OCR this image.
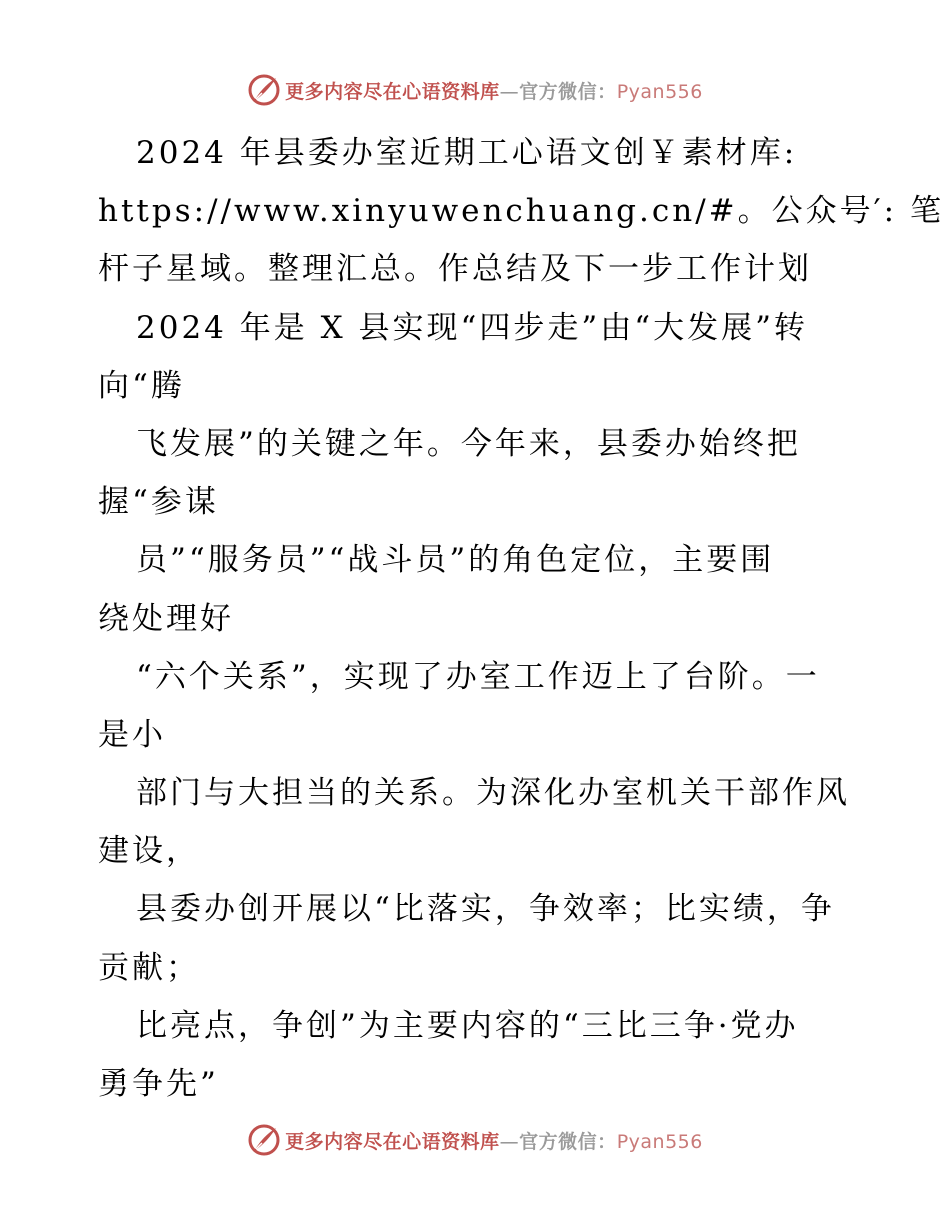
更多内容尽在心语资料库—官方微信：Pyan556
2024 年县委办室近期工心语文创￥素材库:
https://www.xinyuwenchuang.cn/#。公众号′: 笔
杆子星域。整理汇总。作总结及下一步工作计划
2024 年是 X 县实现“四步走”由“大发展”转
向“腾
飞发展”的关键之年。今年来，县委办始终把
握“参谋
员”“服务员”“战斗员”的角色定位，主要围
绕处理好
“六个关系”，实现了办室工作迈上了台阶。一
是小
部门与大担当的关系。为深化办室机关干部作风
建设，
县委办创开展以“比落实，争效率；比实绩，争
贡献；
比亮点，争创”为主要内容的“三比三争·党办
勇争先”
更多内容尽在心语资料库—官方微信：Pyan556
